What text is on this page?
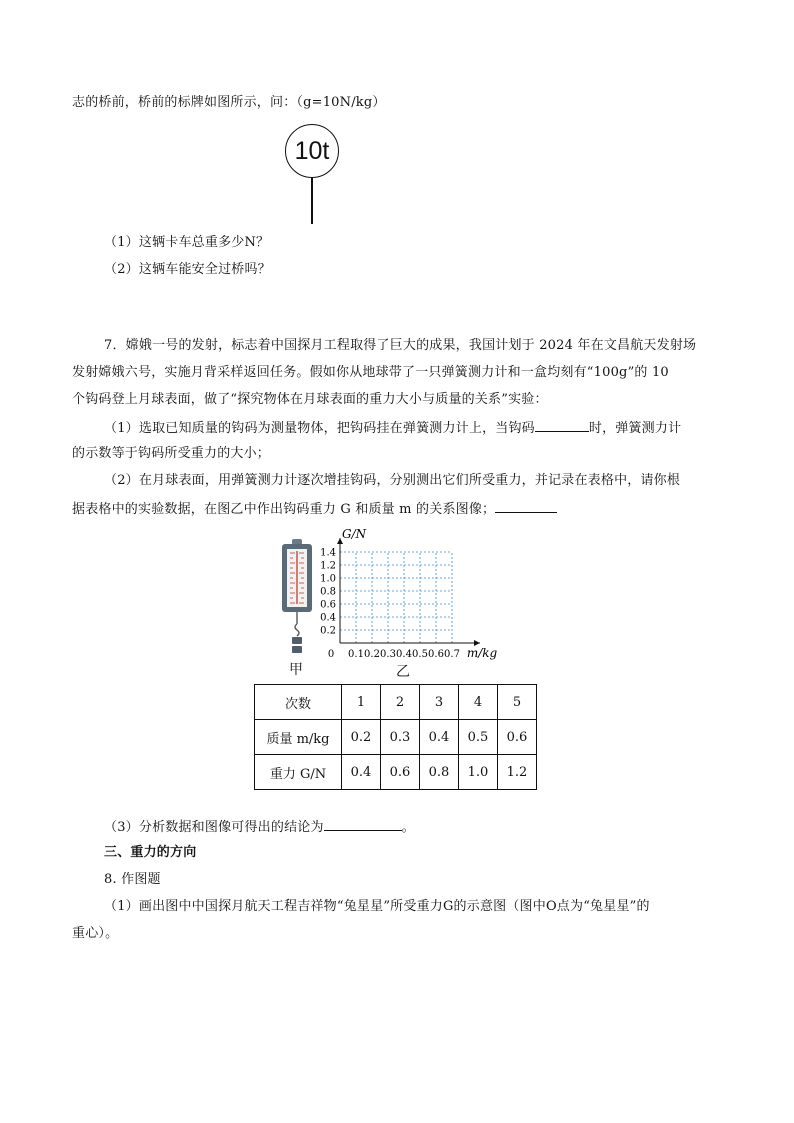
志的桥前，桥前的标牌如图所示，问：（g=10N/kg）
10t
（1）这辆卡车总重多少N？
（2）这辆车能安全过桥吗？
7．嫦娥一号的发射，标志着中国探月工程取得了巨大的成果，我国计划于 2024 年在文昌航天发射场
发射嫦娥六号，实施月背采样返回任务。假如你从地球带了一只弹簧测力计和一盒均刻有“100g”的 10
个钩码登上月球表面，做了“探究物体在月球表面的重力大小与质量的关系”实验：
（1）选取已知质量的钩码为测量物体，把钩码挂在弹簧测力计上，当钩码	时，弹簧测力计
的示数等于钩码所受重力的大小；
（2）在月球表面，用弹簧测力计逐次增挂钩码，分别测出它们所受重力，并记录在表格中，请你根
据表格中的实验数据，在图乙中作出钩码重力 G 和质量 m 的关系图像；
甲
0.1 0.2 0.3 0.4 0.5 0.6 0.7
0.2
0.4
0.6
0.8
1.0
1.2
1.4
0	m/kg
G/N
乙
次数	1	2	3	4	5
质量 m/kg	0.2	0.3	0.4	0.5	0.6
重力 G/N	0.4	0.6	0.8	1.0	1.2
（3）分析数据和图像可得出的结论为	。
三、重力的方向
8. 作图题
（1）画出图中中国探月航天工程吉祥物“兔星星”所受重力G的示意图（图中O点为“兔星星”的
重心）。
